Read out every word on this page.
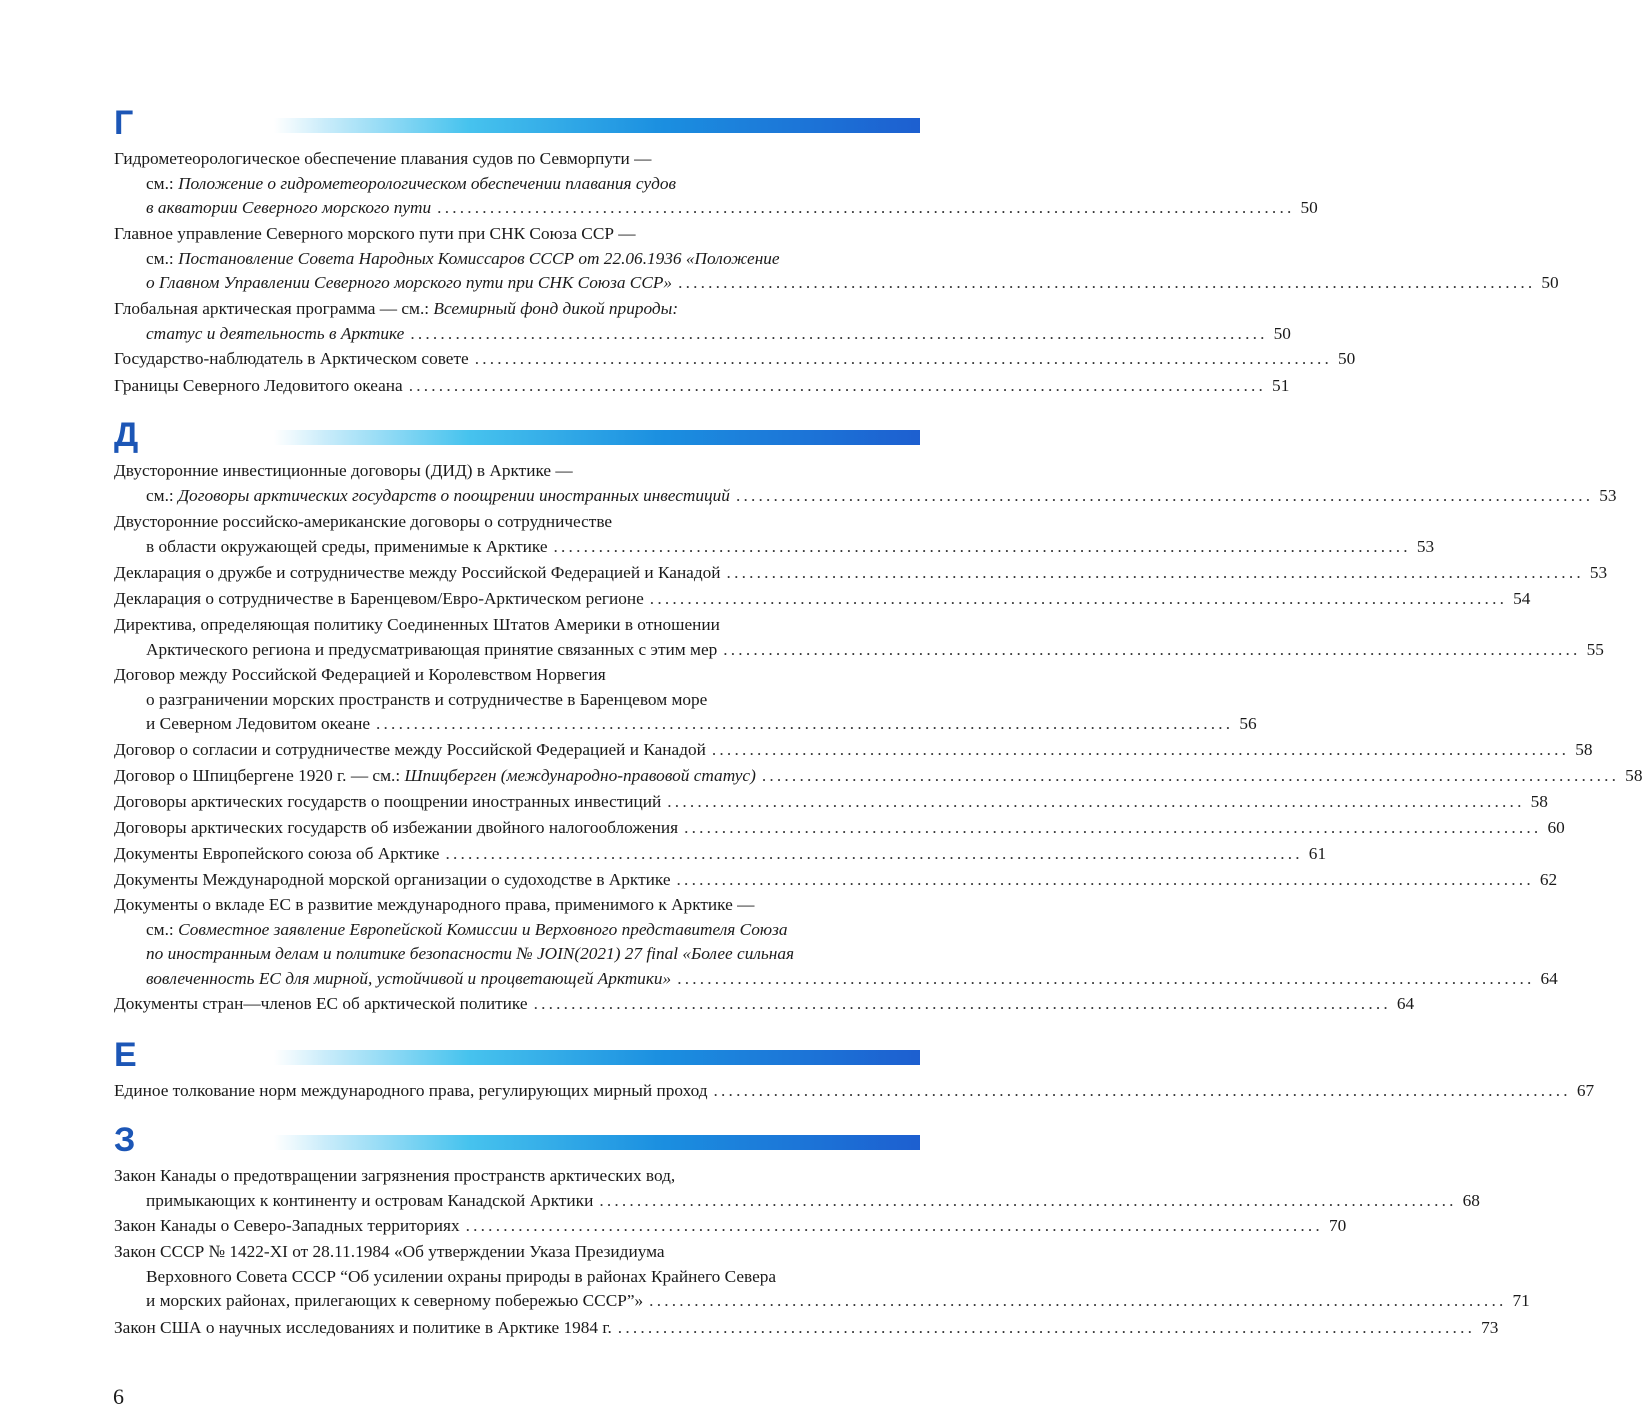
Г
Гидрометеорологическое обеспечение плавания судов по Севморпути —
см.: Положение о гидрометеорологическом обеспечении плавания судов
в акватории Северного морского пути .................................................................................................................. 50
Главное управление Северного морского пути при СНК Союза ССР —
см.: Постановление Совета Народных Комиссаров СССР от 22.06.1936 «Положение
о Главном Управлении Северного морского пути при СНК Союза ССР» .................................................................................................................. 50
Глобальная арктическая программа — см.: Всемирный фонд дикой природы:
статус и деятельность в Арктике .................................................................................................................. 50
Государство-наблюдатель в Арктическом совете .................................................................................................................. 50
Границы Северного Ледовитого океана .................................................................................................................. 51
Д
Двусторонние инвестиционные договоры (ДИД) в Арктике —
см.: Договоры арктических государств о поощрении иностранных инвестиций .................................................................................................................. 53
Двусторонние российско-американские договоры о сотрудничестве
в области окружающей среды, применимые к Арктике .................................................................................................................. 53
Декларация о дружбе и сотрудничестве между Российской Федерацией и Канадой .................................................................................................................. 53
Декларация о сотрудничестве в Баренцевом/Евро-Арктическом регионе .................................................................................................................. 54
Директива, определяющая политику Соединенных Штатов Америки в отношении
Арктического региона и предусматривающая принятие связанных с этим мер .................................................................................................................. 55
Договор между Российской Федерацией и Королевством Норвегия
о разграничении морских пространств и сотрудничестве в Баренцевом море
и Северном Ледовитом океане .................................................................................................................. 56
Договор о согласии и сотрудничестве между Российской Федерацией и Канадой .................................................................................................................. 58
Договор о Шпицбергене 1920 г. — см.: Шпицберген (международно-правовой статус) .................................................................................................................. 58
Договоры арктических государств о поощрении иностранных инвестиций .................................................................................................................. 58
Договоры арктических государств об избежании двойного налогообложения .................................................................................................................. 60
Документы Европейского союза об Арктике .................................................................................................................. 61
Документы Международной морской организации о судоходстве в Арктике .................................................................................................................. 62
Документы о вкладе ЕС в развитие международного права, применимого к Арктике —
см.: Совместное заявление Европейской Комиссии и Верховного представителя Союза
по иностранным делам и политике безопасности № JOIN(2021) 27 final «Более сильная
вовлеченность ЕС для мирной, устойчивой и процветающей Арктики» .................................................................................................................. 64
Документы стран—членов ЕС об арктической политике .................................................................................................................. 64
Е
Единое толкование норм международного права, регулирующих мирный проход .................................................................................................................. 67
З
Закон Канады о предотвращении загрязнения пространств арктических вод,
примыкающих к континенту и островам Канадской Арктики .................................................................................................................. 68
Закон Канады о Северо-Западных территориях .................................................................................................................. 70
Закон СССР № 1422-XI от 28.11.1984 «Об утверждении Указа Президиума
Верховного Совета СССР “Об усилении охраны природы в районах Крайнего Севера
и морских районах, прилегающих к северному побережью СССР”» .................................................................................................................. 71
Закон США о научных исследованиях и политике в Арктике 1984 г. .................................................................................................................. 73
6
